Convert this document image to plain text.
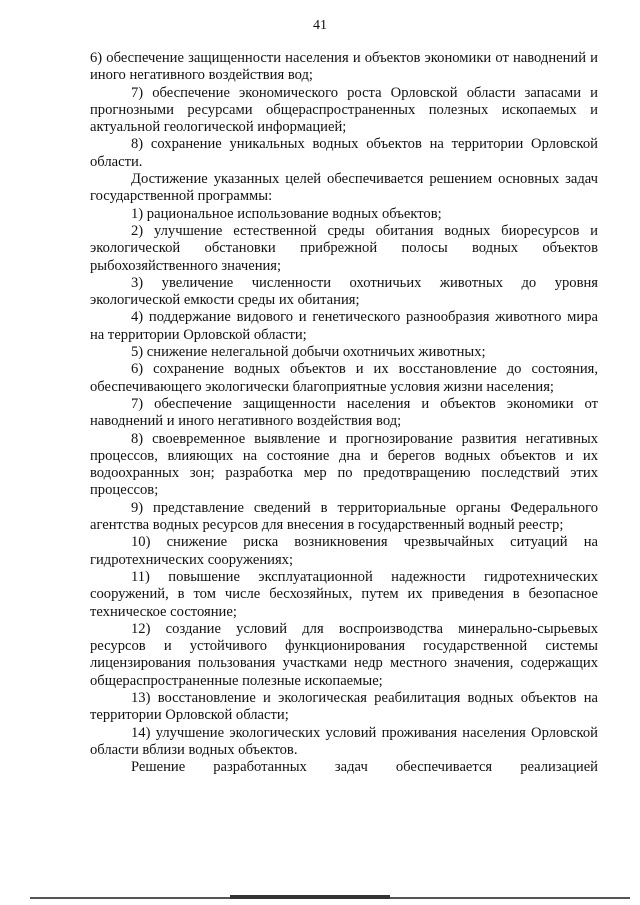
41

6) обеспечение защищенности населения и объектов экономики от наводнений и иного негативного воздействия вод;

7) обеспечение экономического роста Орловской области запасами и прогнозными ресурсами общераспространенных полезных ископаемых и актуальной геологической информацией;

8) сохранение уникальных водных объектов на территории Орловской области.

Достижение указанных целей обеспечивается решением основных задач государственной программы:

1) рациональное использование водных объектов;

2) улучшение естественной среды обитания водных биоресурсов и экологической обстановки прибрежной полосы водных объектов рыбохозяйственного значения;

3) увеличение численности охотничьих животных до уровня экологической емкости среды их обитания;

4) поддержание видового и генетического разнообразия животного мира на территории Орловской области;

5) снижение нелегальной добычи охотничьих животных;

6) сохранение водных объектов и их восстановление до состояния, обеспечивающего экологически благоприятные условия жизни населения;

7) обеспечение защищенности населения и объектов экономики от наводнений и иного негативного воздействия вод;

8) своевременное выявление и прогнозирование развития негативных процессов, влияющих на состояние дна и берегов водных объектов и их водоохранных зон; разработка мер по предотвращению последствий этих процессов;

9) представление сведений в территориальные органы Федерального агентства водных ресурсов для внесения в государственный водный реестр;

10) снижение риска возникновения чрезвычайных ситуаций на гидротехнических сооружениях;

11) повышение эксплуатационной надежности гидротехнических сооружений, в том числе бесхозяйных, путем их приведения в безопасное техническое состояние;

12) создание условий для воспроизводства минерально-сырьевых ресурсов и устойчивого функционирования государственной системы лицензирования пользования участками недр местного значения, содержащих общераспространенные полезные ископаемые;

13) восстановление и экологическая реабилитация водных объектов на территории Орловской области;

14) улучшение экологических условий проживания населения Орловской области вблизи водных объектов.

Решение разработанных задач обеспечивается реализацией
